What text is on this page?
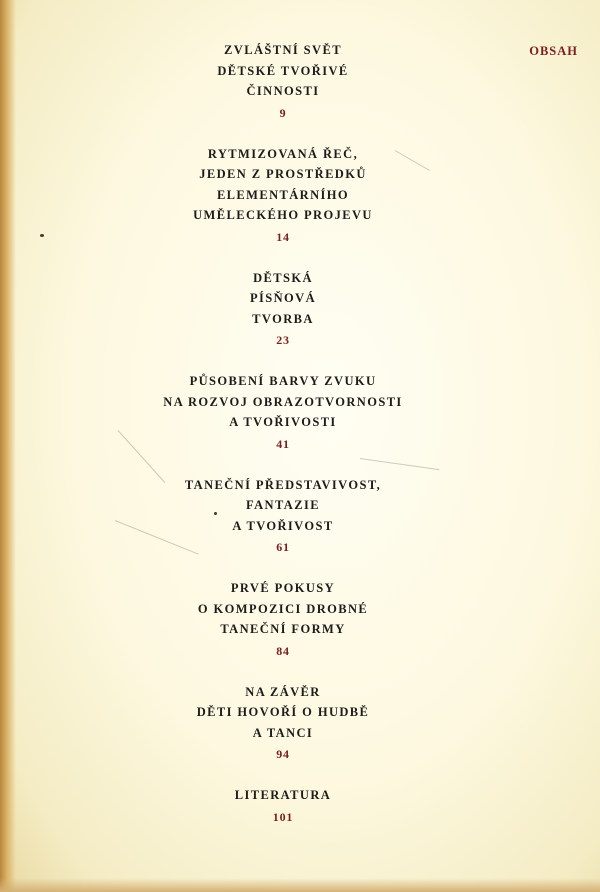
OBSAH
ZVLÁŠTNÍ SVĚT
DĚTSKÉ TVOŘIVÉ
ČINNOSTI
9
RYTMIZOVANÁ ŘEČ,
JEDEN Z PROSTŘEDKŮ
ELEMENTÁRNÍHO
UMĚLECKÉHO PROJEVU
14
DĚTSKÁ
PÍSŇOVÁ
TVORBA
23
PŮSOBENÍ BARVY ZVUKU
NA ROZVOJ OBRAZOTVORNOSTI
A TVOŘIVOSTI
41
TANEČNÍ PŘEDSTAVIVOST,
FANTAZIE
A TVOŘIVOST
61
PRVÉ POKUSY
O KOMPOZICI DROBNÉ
TANEČNÍ FORMY
84
NA ZÁVĚR
DĚTI HOVOŘÍ O HUDBĚ
A TANCI
94
LITERATURA
101
